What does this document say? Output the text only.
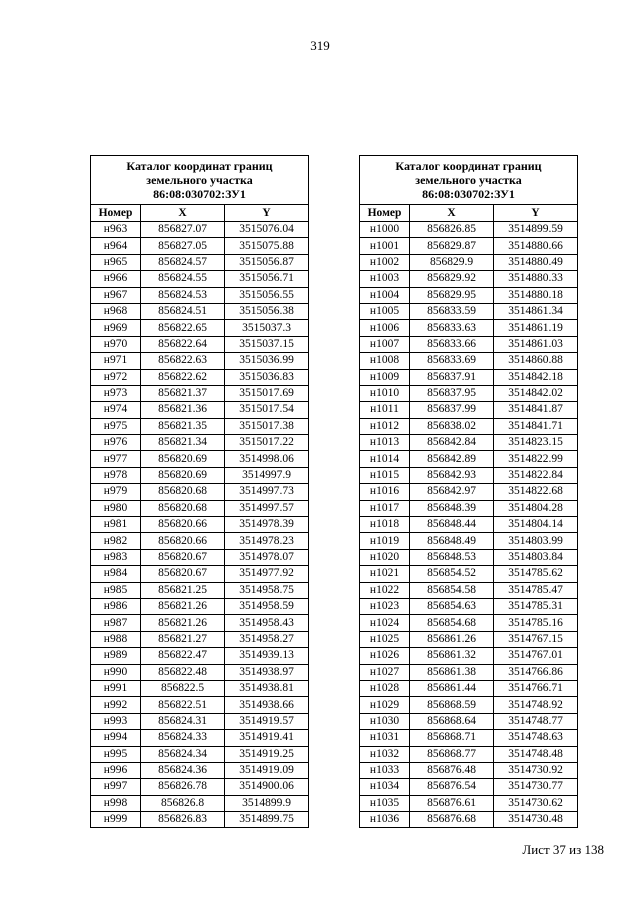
319
Каталог координат границ
земельного участка
86:08:030702:ЗУ1		

Номер	X	Y
н963	856827.07	3515076.04
н964	856827.05	3515075.88
н965	856824.57	3515056.87
н966	856824.55	3515056.71
н967	856824.53	3515056.55
н968	856824.51	3515056.38
н969	856822.65	3515037.3
н970	856822.64	3515037.15
н971	856822.63	3515036.99
н972	856822.62	3515036.83
н973	856821.37	3515017.69
н974	856821.36	3515017.54
н975	856821.35	3515017.38
н976	856821.34	3515017.22
н977	856820.69	3514998.06
н978	856820.69	3514997.9
н979	856820.68	3514997.73
н980	856820.68	3514997.57
н981	856820.66	3514978.39
н982	856820.66	3514978.23
н983	856820.67	3514978.07
н984	856820.67	3514977.92
н985	856821.25	3514958.75
н986	856821.26	3514958.59
н987	856821.26	3514958.43
н988	856821.27	3514958.27
н989	856822.47	3514939.13
н990	856822.48	3514938.97
н991	856822.5	3514938.81
н992	856822.51	3514938.66
н993	856824.31	3514919.57
н994	856824.33	3514919.41
н995	856824.34	3514919.25
н996	856824.36	3514919.09
н997	856826.78	3514900.06
н998	856826.8	3514899.9
н999	856826.83	3514899.75
Каталог координат границ
земельного участка
86:08:030702:ЗУ1		

Номер	X	Y
н1000	856826.85	3514899.59
н1001	856829.87	3514880.66
н1002	856829.9	3514880.49
н1003	856829.92	3514880.33
н1004	856829.95	3514880.18
н1005	856833.59	3514861.34
н1006	856833.63	3514861.19
н1007	856833.66	3514861.03
н1008	856833.69	3514860.88
н1009	856837.91	3514842.18
н1010	856837.95	3514842.02
н1011	856837.99	3514841.87
н1012	856838.02	3514841.71
н1013	856842.84	3514823.15
н1014	856842.89	3514822.99
н1015	856842.93	3514822.84
н1016	856842.97	3514822.68
н1017	856848.39	3514804.28
н1018	856848.44	3514804.14
н1019	856848.49	3514803.99
н1020	856848.53	3514803.84
н1021	856854.52	3514785.62
н1022	856854.58	3514785.47
н1023	856854.63	3514785.31
н1024	856854.68	3514785.16
н1025	856861.26	3514767.15
н1026	856861.32	3514767.01
н1027	856861.38	3514766.86
н1028	856861.44	3514766.71
н1029	856868.59	3514748.92
н1030	856868.64	3514748.77
н1031	856868.71	3514748.63
н1032	856868.77	3514748.48
н1033	856876.48	3514730.92
н1034	856876.54	3514730.77
н1035	856876.61	3514730.62
н1036	856876.68	3514730.48
Лист 37 из 138
